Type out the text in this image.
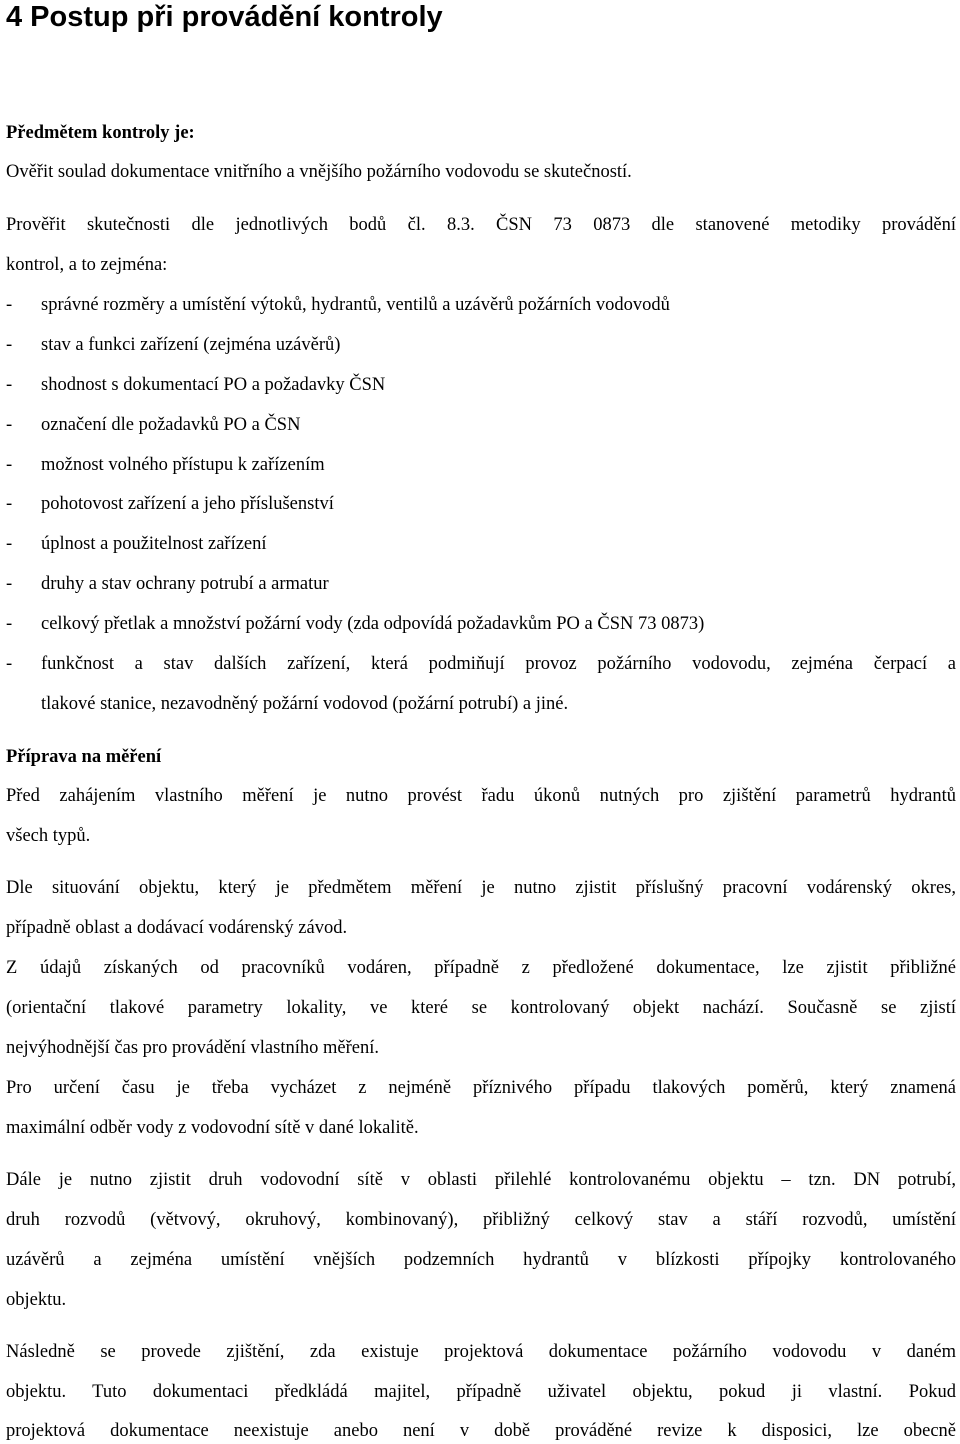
4 Postup při provádění kontroly

Předmětem kontroly je:

Ověřit soulad dokumentace vnitřního a vnějšího požárního vodovodu se skutečností.

Prověřit skutečnosti dle jednotlivých bodů čl. 8.3. ČSN 73 0873 dle stanovené metodiky provádění

kontrol, a to zejména:

- správné rozměry a umístění výtoků, hydrantů, ventilů a uzávěrů požárních vodovodů
- stav a funkci zařízení (zejména uzávěrů)
- shodnost s dokumentací PO a požadavky ČSN
- označení dle požadavků PO a ČSN
- možnost volného přístupu k zařízením
- pohotovost zařízení a jeho příslušenství
- úplnost a použitelnost zařízení
- druhy a stav ochrany potrubí a armatur
- celkový přetlak a množství požární vody (zda odpovídá požadavkům PO a ČSN 73 0873)
- funkčnost a stav dalších zařízení, která podmiňují provoz požárního vodovodu, zejména čerpací a
tlakové stanice, nezavodněný požární vodovod (požární potrubí) a jiné.

Příprava na měření

Před zahájením vlastního měření je nutno provést řadu úkonů nutných pro zjištění parametrů hydrantů

všech typů.

Dle situování objektu, který je předmětem měření je nutno zjistit příslušný pracovní vodárenský okres,

případně oblast a dodávací vodárenský závod.

Z údajů získaných od pracovníků vodáren, případně z předložené dokumentace, lze zjistit přibližné

(orientační tlakové parametry lokality, ve které se kontrolovaný objekt nachází. Současně se zjistí

nejvýhodnější čas pro provádění vlastního měření.

Pro určení času je třeba vycházet z nejméně příznivého případu tlakových poměrů, který znamená

maximální odběr vody z vodovodní sítě v dané lokalitě.

Dále je nutno zjistit druh vodovodní sítě v oblasti přilehlé kontrolovanému objektu – tzn. DN potrubí,

druh rozvodů (větvový, okruhový, kombinovaný), přibližný celkový stav a stáří rozvodů, umístění

uzávěrů a zejména umístění vnějších podzemních hydrantů v blízkosti přípojky kontrolovaného

objektu.

Následně se provede zjištění, zda existuje projektová dokumentace požárního vodovodu v daném

objektu. Tuto dokumentaci předkládá majitel, případně uživatel objektu, pokud ji vlastní. Pokud

projektová dokumentace neexistuje anebo není v době prováděné revize k disposici, lze obecně
